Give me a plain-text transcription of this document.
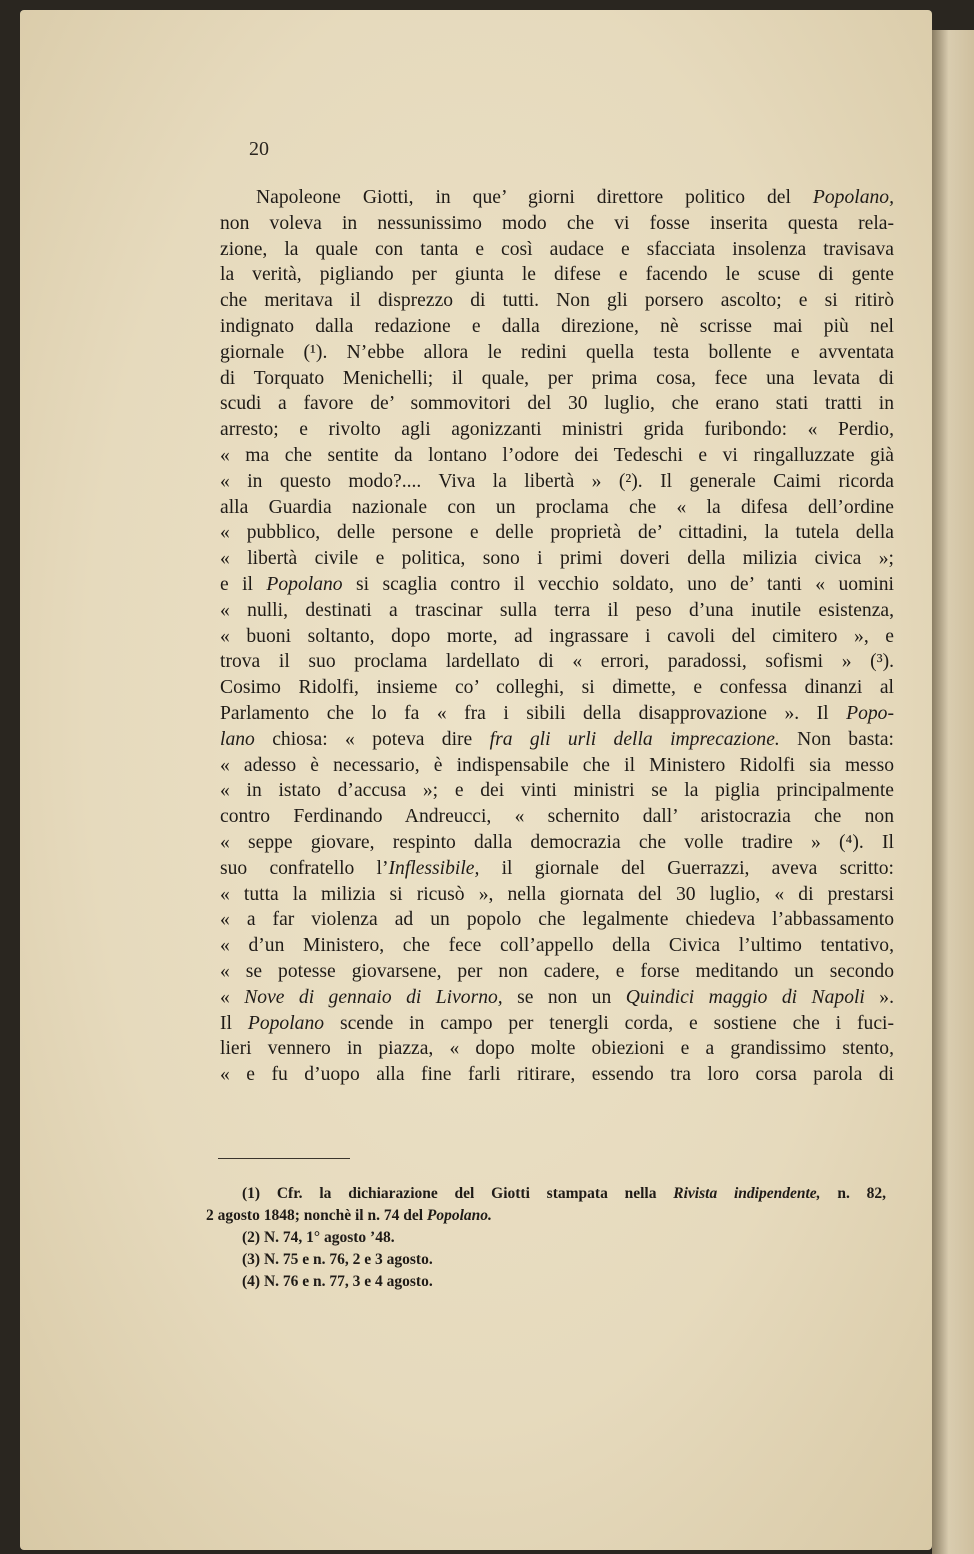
20
Napoleone Giotti, in que’ giorni direttore politico del Popolano,
non voleva in nessunissimo modo che vi fosse inserita questa rela-
zione, la quale con tanta e così audace e sfacciata insolenza travisava
la verità, pigliando per giunta le difese e facendo le scuse di gente
che meritava il disprezzo di tutti. Non gli porsero ascolto; e si ritirò
indignato dalla redazione e dalla direzione, nè scrisse mai più nel
giornale (¹). N’ebbe allora le redini quella testa bollente e avventata
di Torquato Menichelli; il quale, per prima cosa, fece una levata di
scudi a favore de’ sommovitori del 30 luglio, che erano stati tratti in
arresto; e rivolto agli agonizzanti ministri grida furibondo: « Perdio,
« ma che sentite da lontano l’odore dei Tedeschi e vi ringalluzzate già
« in questo modo?.... Viva la libertà » (²). Il generale Caimi ricorda
alla Guardia nazionale con un proclama che « la difesa dell’ordine
« pubblico, delle persone e delle proprietà de’ cittadini, la tutela della
« libertà civile e politica, sono i primi doveri della milizia civica »;
e il Popolano si scaglia contro il vecchio soldato, uno de’ tanti « uomini
« nulli, destinati a trascinar sulla terra il peso d’una inutile esistenza,
« buoni soltanto, dopo morte, ad ingrassare i cavoli del cimitero », e
trova il suo proclama lardellato di « errori, paradossi, sofismi » (³).
Cosimo Ridolfi, insieme co’ colleghi, si dimette, e confessa dinanzi al
Parlamento che lo fa « fra i sibili della disapprovazione ». Il Popo-
lano chiosa: « poteva dire fra gli urli della imprecazione. Non basta:
« adesso è necessario, è indispensabile che il Ministero Ridolfi sia messo
« in istato d’accusa »; e dei vinti ministri se la piglia principalmente
contro Ferdinando Andreucci, « schernito dall’ aristocrazia che non
« seppe giovare, respinto dalla democrazia che volle tradire » (⁴). Il
suo confratello l’Inflessibile, il giornale del Guerrazzi, aveva scritto:
« tutta la milizia si ricusò », nella giornata del 30 luglio, « di prestarsi
« a far violenza ad un popolo che legalmente chiedeva l’abbassamento
« d’un Ministero, che fece coll’appello della Civica l’ultimo tentativo,
« se potesse giovarsene, per non cadere, e forse meditando un secondo
« Nove di gennaio di Livorno, se non un Quindici maggio di Napoli ».
Il Popolano scende in campo per tenergli corda, e sostiene che i fuci-
lieri vennero in piazza, « dopo molte obiezioni e a grandissimo stento,
« e fu d’uopo alla fine farli ritirare, essendo tra loro corsa parola di
(1) Cfr. la dichiarazione del Giotti stampata nella Rivista indipendente, n. 82,
2 agosto 1848; nonchè il n. 74 del Popolano.
(2) N. 74, 1° agosto ’48.
(3) N. 75 e n. 76, 2 e 3 agosto.
(4) N. 76 e n. 77, 3 e 4 agosto.
